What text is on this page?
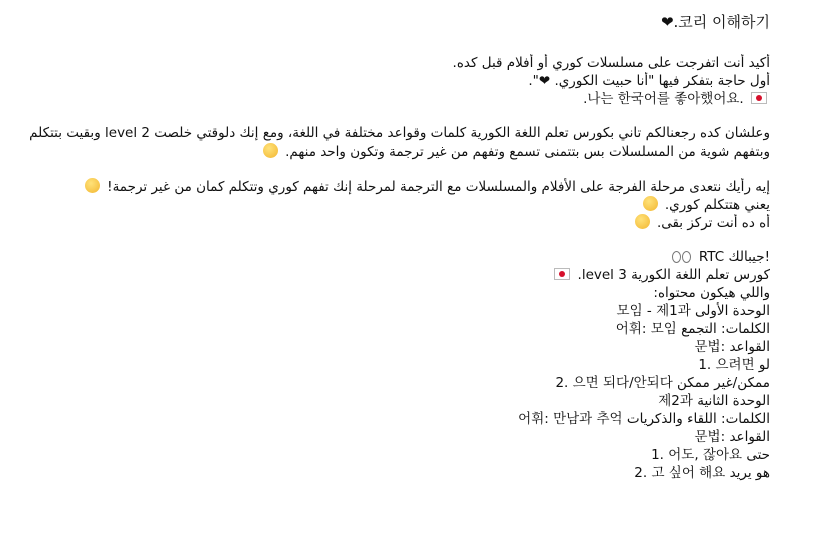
❤.코리 이해하기
أكيد أنت اتفرجت على مسلسلات كوري أو أفلام قبل كده.
أول حاجة بتفكر فيها "أنا حبيت الكوري. ❤".
.나는 한국어를 좋아했어요.
وعلشان كده رجعنالكم تاني بكورس تعلم اللغة الكورية كلمات وقواعد مختلفة في اللغة، ومع إنك دلوقتي خلصت level 2 وبقيت بتتكلم وبتفهم شوية من المسلسلات بس بتتمنى تسمع وتفهم من غير ترجمة وتكون واحد منهم.
إيه رأيك نتعدى مرحلة الفرجة على الأفلام والمسلسلات مع الترجمة لمرحلة إنك تفهم كوري وتتكلم كمان من غير ترجمة!
يعني هتتكلم كوري.
أه ده أنت تركز بقى.
RTC جيبالك!
كورس تعلم اللغة الكورية level 3.
واللي هيكون محتواه:
모임 - 제1과 الوحدة الأولى
어휘: 모임 الكلمات: التجمع
문법: القواعد
1. 으려면 لو
2. 으면 되다/안되다 ممكن/غير ممكن
제2과 الوحدة الثانية
어휘: 만남과 추억 الكلمات: اللقاء والذكريات
문법: القواعد
1. 어도, 잖아요 حتى
2. 고 싶어 해요 هو يريد
